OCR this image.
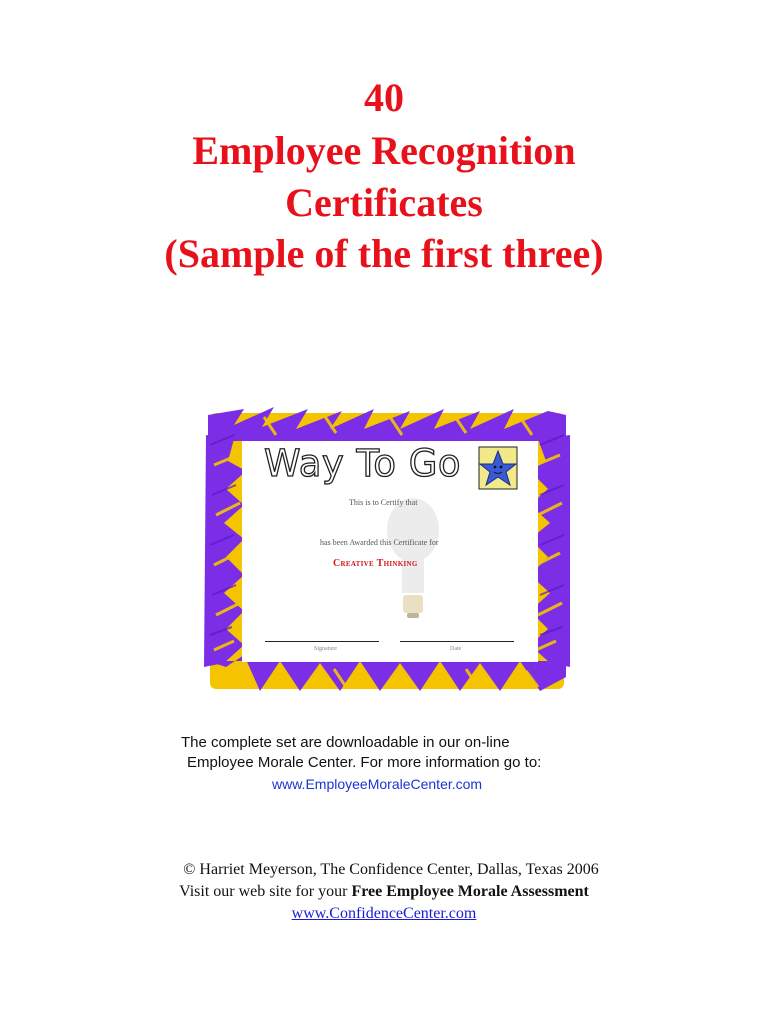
40
Employee Recognition
Certificates
(Sample of the first three)
Way To Go
This is to Certify that
has been Awarded this Certificate for
Creative Thinking
Signature	Date
The complete set are downloadable in our on-line
Employee Morale Center. For more information go to:
www.EmployeeMoraleCenter.com
© Harriet Meyerson, The Confidence Center, Dallas, Texas 2006
Visit our web site for your Free Employee Morale Assessment
www.ConfidenceCenter.com
